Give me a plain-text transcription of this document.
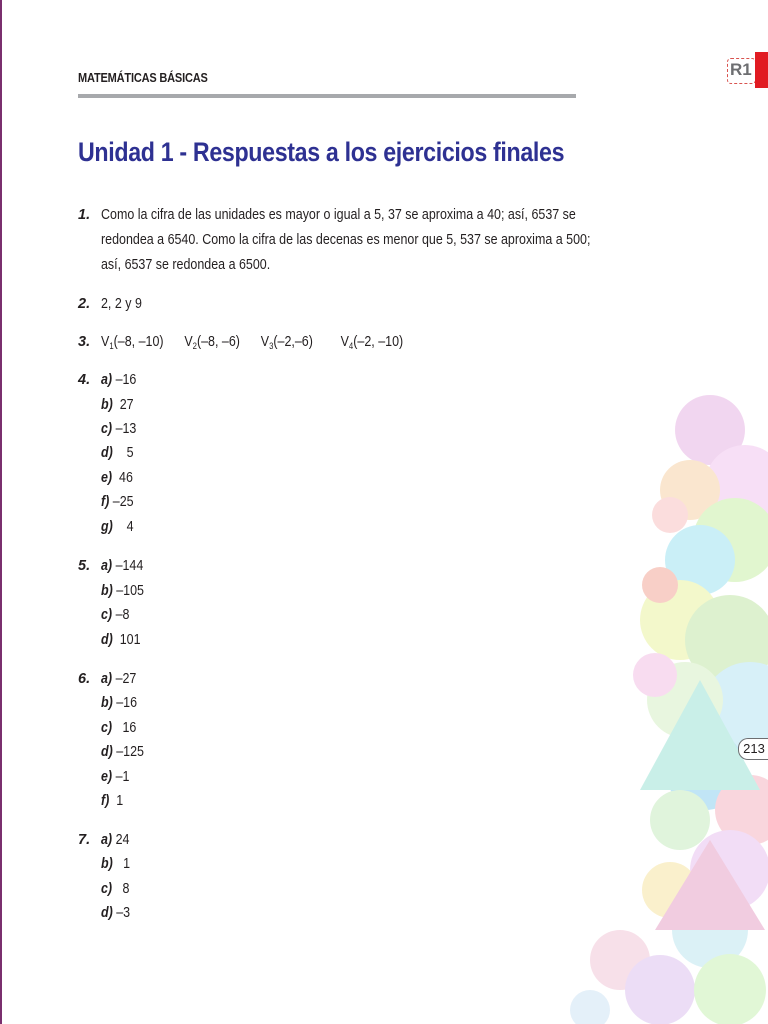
MATEMÁTICAS BÁSICAS	R1
Unidad 1 - Respuestas a los ejercicios finales
213
1. Como la cifra de las unidades es mayor o igual a 5, 37 se aproxima a 40; así, 6537 se
redondea a 6540. Como la cifra de las decenas es menor que 5, 537 se aproxima a 500;
así, 6537 se redondea a 6500.
2. 2, 2 y 9
3. $V_1(-8$, –10) $V_2(-8$, –6) $V_3(-2,-6)$ $V_4(-2$, –10)
4. a) –16
b) 27
c) –13
d) 5
e) 46
f) –25
g) 4
5. a) –144
b) –105
c) –8
d) 101
6. a) –27
b) –16
c) 16
d) –125
e) –1
f) 1
7. a) 24
b) 1
c) 8
d) –3
